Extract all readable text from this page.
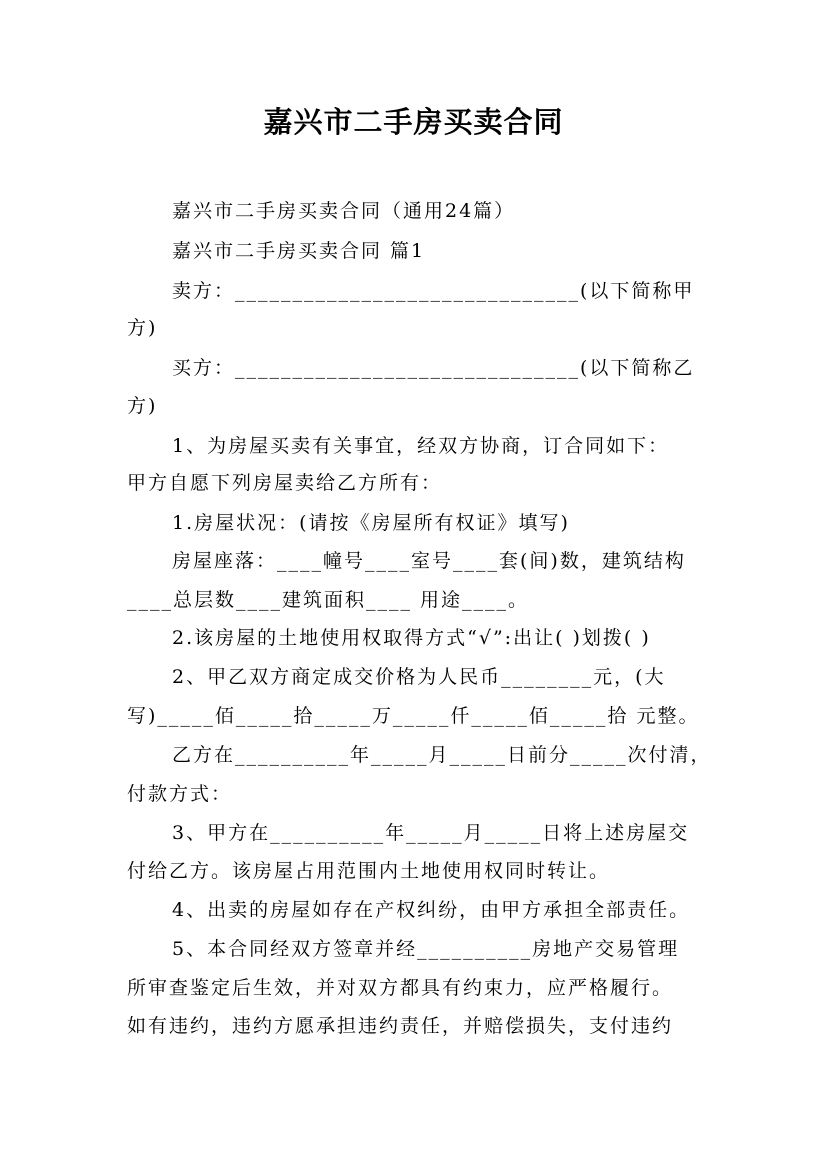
嘉兴市二手房买卖合同
嘉兴市二手房买卖合同（通用24篇）
嘉兴市二手房买卖合同 篇1
卖方：______________________________(以下简称甲
方)
买方：______________________________(以下简称乙
方)
1、为房屋买卖有关事宜，经双方协商，订合同如下：
甲方自愿下列房屋卖给乙方所有：
1.房屋状况：(请按《房屋所有权证》填写)
房屋座落：____幢号____室号____套(间)数，建筑结构
____总层数____建筑面积____ 用途____。
2.该房屋的土地使用权取得方式“√”:出让( )划拨( )
2、甲乙双方商定成交价格为人民币________元，(大
写)_____佰_____拾_____万_____仟_____佰_____拾 元整。
乙方在__________年_____月_____日前分_____次付清，
付款方式：
3、甲方在__________年_____月_____日将上述房屋交
付给乙方。该房屋占用范围内土地使用权同时转让。
4、出卖的房屋如存在产权纠纷，由甲方承担全部责任。
5、本合同经双方签章并经__________房地产交易管理
所审查鉴定后生效，并对双方都具有约束力，应严格履行。
如有违约，违约方愿承担违约责任，并赔偿损失，支付违约
